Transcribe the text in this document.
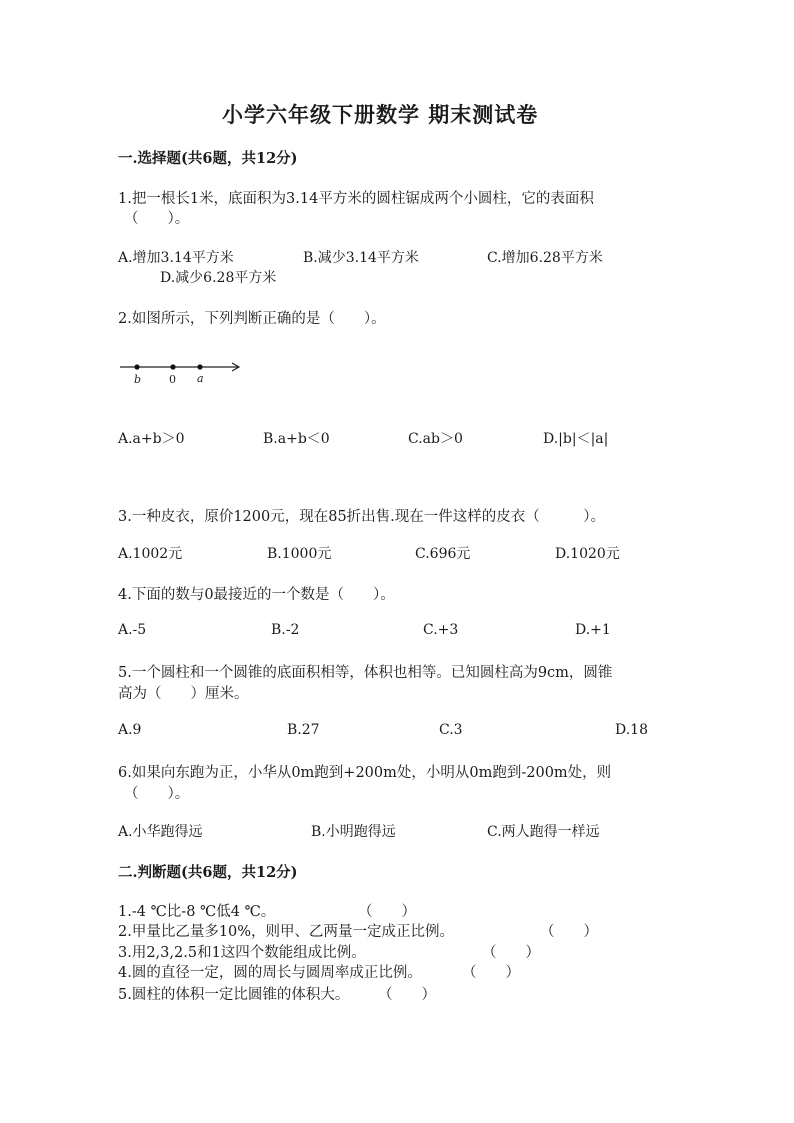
小学六年级下册数学 期末测试卷
一.选择题(共6题，共12分)
1.把一根长1米，底面积为3.14平方米的圆柱锯成两个小圆柱，它的表面积
（　　）。
A.增加3.14平方米	B.减少3.14平方米	C.增加6.28平方米
D.减少6.28平方米
2.如图所示，下列判断正确的是（　　）。
b	0 a
A.a+b＞0	B.a+b＜0	C.ab＞0	D.|b|＜|a|
3.一种皮衣，原价1200元，现在85折出售.现在一件这样的皮衣（　　　）。
A.1002元	B.1000元	C.696元	D.1020元
4.下面的数与0最接近的一个数是（　　）。
A.-5	B.-2	C.+3	D.+1
5.一个圆柱和一个圆锥的底面积相等，体积也相等。已知圆柱高为9cm，圆锥
高为（　　）厘米。
A.9	B.27	C.3	D.18
6.如果向东跑为正，小华从0m跑到+200m处，小明从0m跑到-200m处，则
（　　）。
A.小华跑得远	B.小明跑得远	C.两人跑得一样远
二.判断题(共6题，共12分)
1.-4 ℃比-8 ℃低4 ℃。	（　　）
2.甲量比乙量多10%，则甲、乙两量一定成正比例。	（　　）
3.用2,3,2.5和1这四个数能组成比例。	（　　）
4.圆的直径一定，圆的周长与圆周率成正比例。	（　　）
5.圆柱的体积一定比圆锥的体积大。 （　　）
